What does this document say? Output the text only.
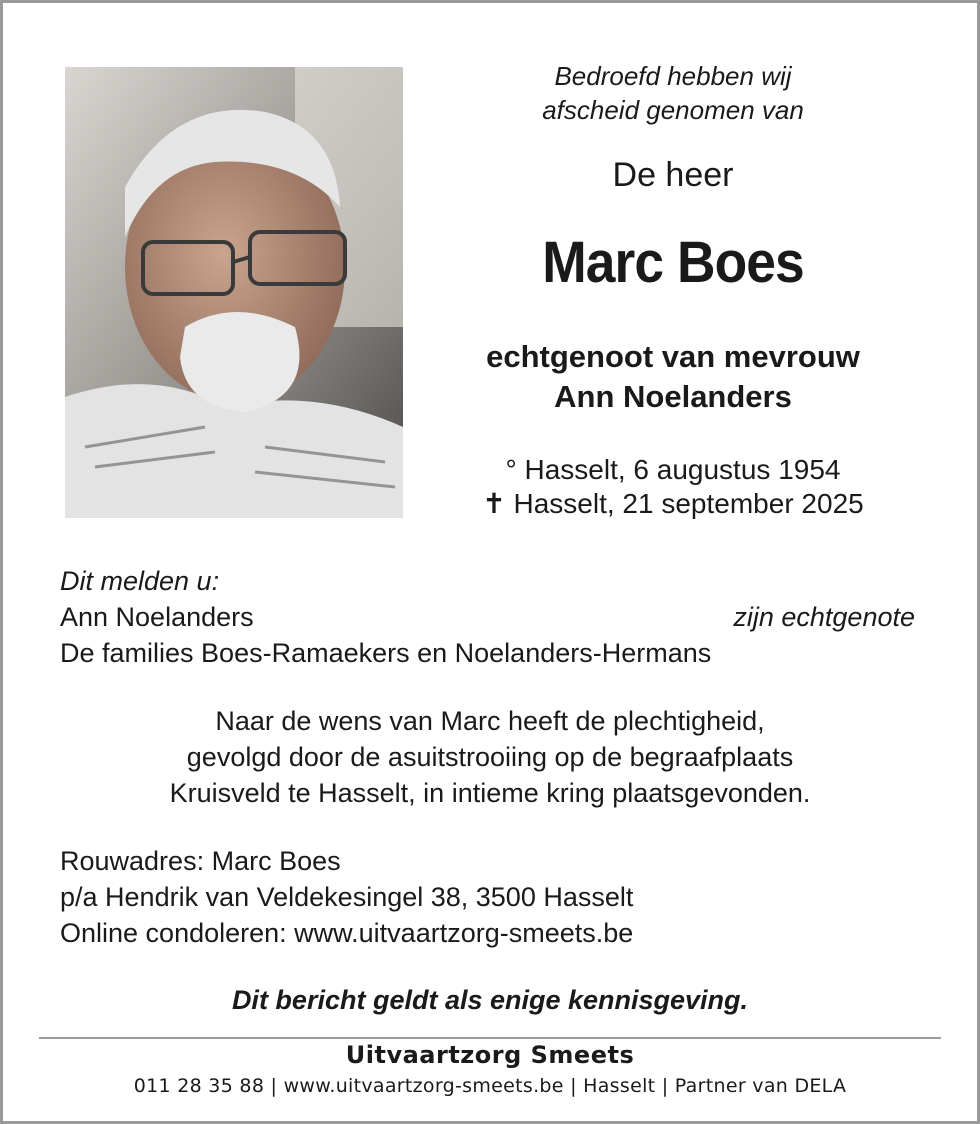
Bedroefd hebben wij
afscheid genomen van
De heer
Marc Boes
echtgenoot van mevrouw
Ann Noelanders
° Hasselt, 6 augustus 1954
✝ Hasselt, 21 september 2025
Dit melden u:
Ann Noelanders	zijn echtgenote
De families Boes-Ramaekers en Noelanders-Hermans
Naar de wens van Marc heeft de plechtigheid,
gevolgd door de asuitstrooiing op de begraafplaats
Kruisveld te Hasselt, in intieme kring plaatsgevonden.
Rouwadres: Marc Boes
p/a Hendrik van Veldekesingel 38, 3500 Hasselt
Online condoleren: www.uitvaartzorg-smeets.be
Dit bericht geldt als enige kennisgeving.
Uitvaartzorg Smeets
011 28 35 88 | www.uitvaartzorg-smeets.be | Hasselt | Partner van DELA
